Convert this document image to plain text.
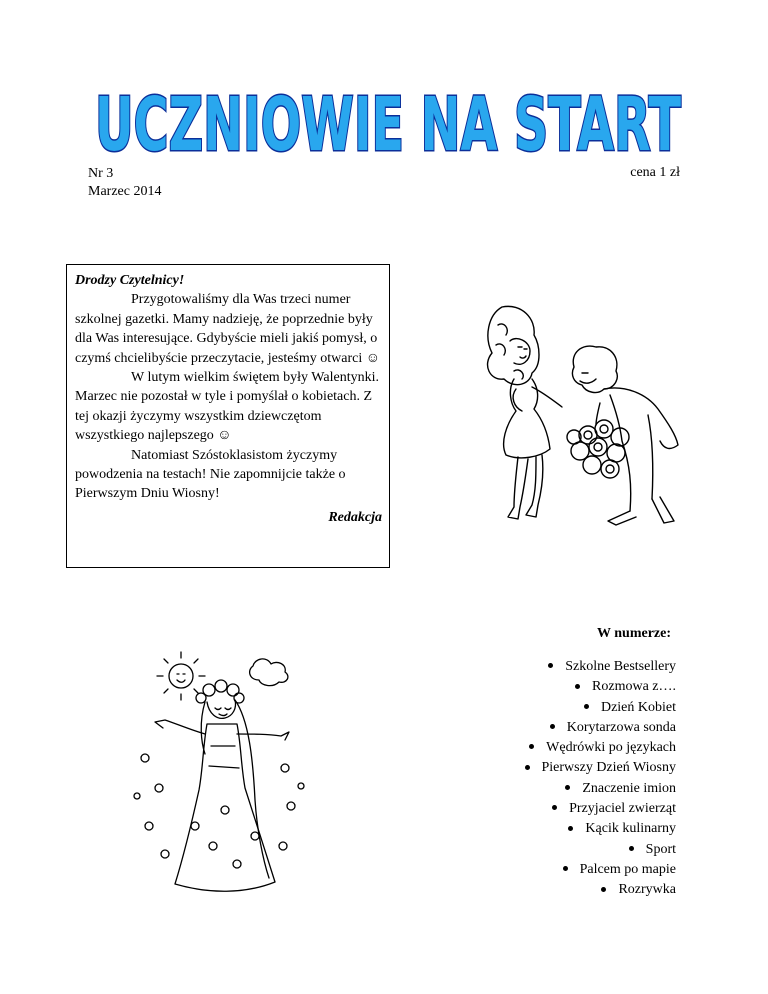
UCZNIOWIE NA START
Nr 3
Marzec 2014
cena 1 zł
Drodzy Czytelnicy!

Przygotowaliśmy dla Was trzeci numer szkolnej gazetki. Mamy nadzieję, że poprzednie były dla Was interesujące. Gdybyście mieli jakiś pomysł, o czymś chcielibyście przeczytacie, jesteśmy otwarci ☺

W lutym wielkim świętem były Walentynki. Marzec nie pozostał w tyle i pomyślał o kobietach. Z tej okazji życzymy wszystkim dziewczętom wszystkiego najlepszego ☺

Natomiast Szóstoklasistom życzymy powodzenia na testach! Nie zapomnijcie także o Pierwszym Dniu Wiosny!

Redakcja
W numerze:
Szkolne Bestsellery
Rozmowa z….
Dzień Kobiet
Korytarzowa sonda
Wędrówki po językach
Pierwszy Dzień Wiosny
Znaczenie imion
Przyjaciel zwierząt
Kącik kulinarny
Sport
Palcem po mapie
Rozrywka
